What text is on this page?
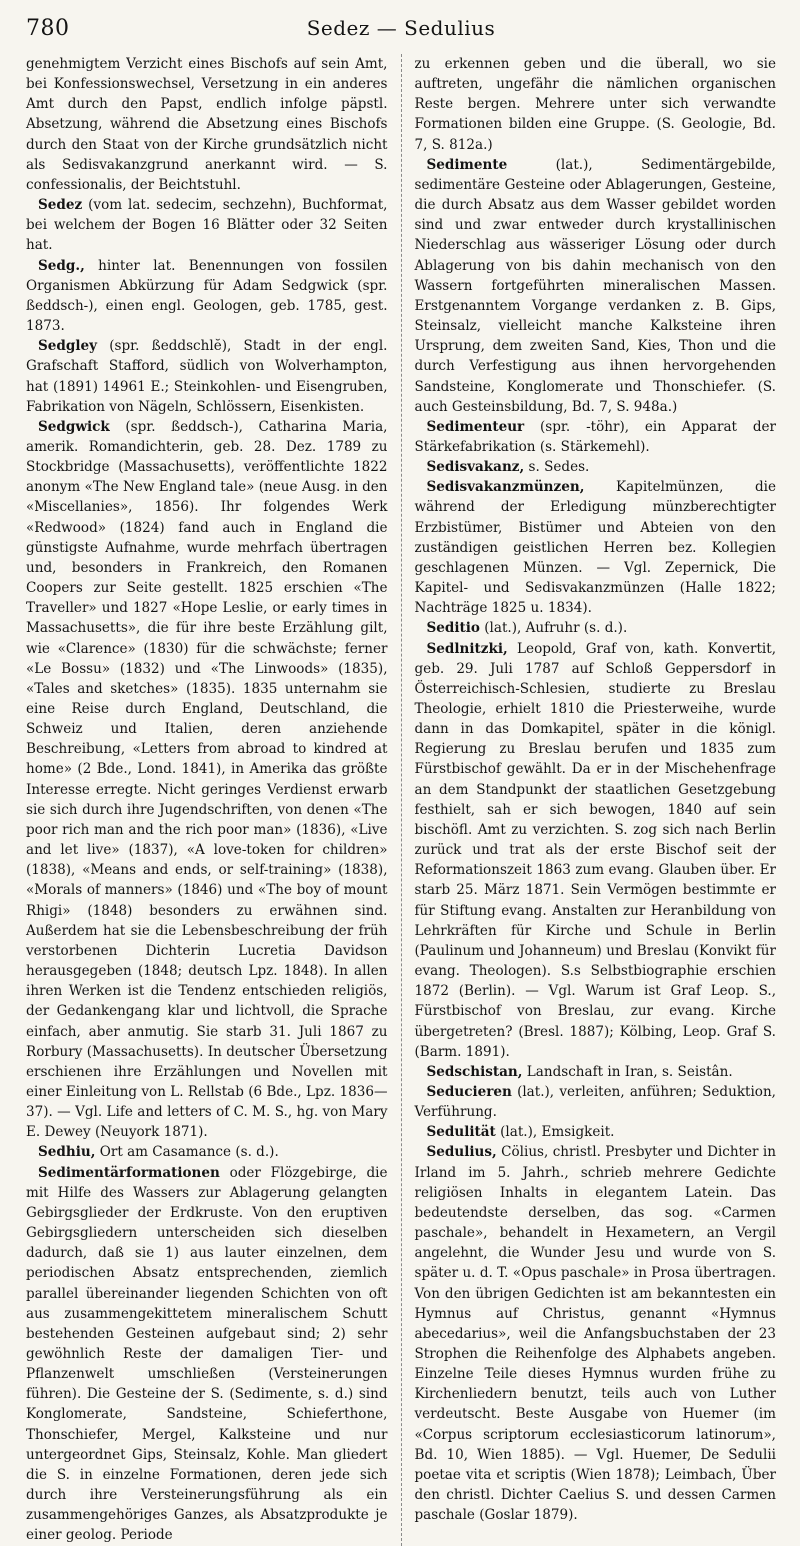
780	Sedez — Sedulius

genehmigtem Verzicht eines Bischofs auf sein Amt, bei Konfessionswechsel, Versetzung in ein anderes Amt durch den Papst, endlich infolge päpstl. Absetzung, während die Absetzung eines Bischofs durch den Staat von der Kirche grundsätzlich nicht als Sedisvakanzgrund anerkannt wird. — S. confessionalis, der Beichtstuhl.

Sedez (vom lat. sedecim, sechzehn), Buchformat, bei welchem der Bogen 16 Blätter oder 32 Seiten hat.

Sedg., hinter lat. Benennungen von fossilen Organismen Abkürzung für Adam Sedgwick (spr. ßeddsch-), einen engl. Geologen, geb. 1785, gest. 1873.

Sedgley (spr. ßeddschlĕ), Stadt in der engl. Grafschaft Stafford, südlich von Wolverhampton, hat (1891) 14961 E.; Steinkohlen- und Eisengruben, Fabrikation von Nägeln, Schlössern, Eisenkisten.

Sedgwick (spr. ßeddsch-), Catharina Maria, amerik. Romandichterin, geb. 28. Dez. 1789 zu Stockbridge (Massachusetts), veröffentlichte 1822 anonym «The New England tale» (neue Ausg. in den «Miscellanies», 1856). Ihr folgendes Werk «Redwood» (1824) fand auch in England die günstigste Aufnahme, wurde mehrfach übertragen und, besonders in Frankreich, den Romanen Coopers zur Seite gestellt. 1825 erschien «The Traveller» und 1827 «Hope Leslie, or early times in Massachusetts», die für ihre beste Erzählung gilt, wie «Clarence» (1830) für die schwächste; ferner «Le Bossu» (1832) und «The Linwoods» (1835), «Tales and sketches» (1835). 1835 unternahm sie eine Reise durch England, Deutschland, die Schweiz und Italien, deren anziehende Beschreibung, «Letters from abroad to kindred at home» (2 Bde., Lond. 1841), in Amerika das größte Interesse erregte. Nicht geringes Verdienst erwarb sie sich durch ihre Jugendschriften, von denen «The poor rich man and the rich poor man» (1836), «Live and let live» (1837), «A love-token for children» (1838), «Means and ends, or self-training» (1838), «Morals of manners» (1846) und «The boy of mount Rhigi» (1848) besonders zu erwähnen sind. Außerdem hat sie die Lebensbeschreibung der früh verstorbenen Dichterin Lucretia Davidson herausgegeben (1848; deutsch Lpz. 1848). In allen ihren Werken ist die Tendenz entschieden religiös, der Gedankengang klar und lichtvoll, die Sprache einfach, aber anmutig. Sie starb 31. Juli 1867 zu Rorbury (Massachusetts). In deutscher Übersetzung erschienen ihre Erzählungen und Novellen mit einer Einleitung von L. Rellstab (6 Bde., Lpz. 1836—37). — Vgl. Life and letters of C. M. S., hg. von Mary E. Dewey (Neuyork 1871).

Sedhiu, Ort am Casamance (s. d.).

Sedimentärformationen oder Flözgebirge, die mit Hilfe des Wassers zur Ablagerung gelangten Gebirgsglieder der Erdkruste. Von den eruptiven Gebirgsgliedern unterscheiden sich dieselben dadurch, daß sie 1) aus lauter einzelnen, dem periodischen Absatz entsprechenden, ziemlich parallel übereinander liegenden Schichten von oft aus zusammengekittetem mineralischem Schutt bestehenden Gesteinen aufgebaut sind; 2) sehr gewöhnlich Reste der damaligen Tier- und Pflanzenwelt umschließen (Versteinerungen führen). Die Gesteine der S. (Sedimente, s. d.) sind Konglomerate, Sandsteine, Schieferthone, Thonschiefer, Mergel, Kalksteine und nur untergeordnet Gips, Steinsalz, Kohle. Man gliedert die S. in einzelne Formationen, deren jede sich durch ihre Versteinerungsführung als ein zusammengehöriges Ganzes, als Absatzprodukte je einer geolog. Periode

zu erkennen geben und die überall, wo sie auftreten, ungefähr die nämlichen organischen Reste bergen. Mehrere unter sich verwandte Formationen bilden eine Gruppe. (S. Geologie, Bd. 7, S. 812a.)

Sedimente (lat.), Sedimentärgebilde, sedimentäre Gesteine oder Ablagerungen, Gesteine, die durch Absatz aus dem Wasser gebildet worden sind und zwar entweder durch krystallinischen Niederschlag aus wässeriger Lösung oder durch Ablagerung von bis dahin mechanisch von den Wassern fortgeführten mineralischen Massen. Erstgenanntem Vorgange verdanken z. B. Gips, Steinsalz, vielleicht manche Kalksteine ihren Ursprung, dem zweiten Sand, Kies, Thon und die durch Verfestigung aus ihnen hervorgehenden Sandsteine, Konglomerate und Thonschiefer. (S. auch Gesteinsbildung, Bd. 7, S. 948a.)

Sedimenteur (spr. -töhr), ein Apparat der Stärkefabrikation (s. Stärkemehl).

Sedisvakanz, s. Sedes.

Sedisvakanzmünzen, Kapitelmünzen, die während der Erledigung münzberechtigter Erzbistümer, Bistümer und Abteien von den zuständigen geistlichen Herren bez. Kollegien geschlagenen Münzen. — Vgl. Zepernick, Die Kapitel- und Sedisvakanzmünzen (Halle 1822; Nachträge 1825 u. 1834).

Seditio (lat.), Aufruhr (s. d.).

Sedlnitzki, Leopold, Graf von, kath. Konvertit, geb. 29. Juli 1787 auf Schloß Geppersdorf in Österreichisch-Schlesien, studierte zu Breslau Theologie, erhielt 1810 die Priesterweihe, wurde dann in das Domkapitel, später in die königl. Regierung zu Breslau berufen und 1835 zum Fürstbischof gewählt. Da er in der Mischehenfrage an dem Standpunkt der staatlichen Gesetzgebung festhielt, sah er sich bewogen, 1840 auf sein bischöfl. Amt zu verzichten. S. zog sich nach Berlin zurück und trat als der erste Bischof seit der Reformationszeit 1863 zum evang. Glauben über. Er starb 25. März 1871. Sein Vermögen bestimmte er für Stiftung evang. Anstalten zur Heranbildung von Lehrkräften für Kirche und Schule in Berlin (Paulinum und Johanneum) und Breslau (Konvikt für evang. Theologen). S.s Selbstbiographie erschien 1872 (Berlin). — Vgl. Warum ist Graf Leop. S., Fürstbischof von Breslau, zur evang. Kirche übergetreten? (Bresl. 1887); Kölbing, Leop. Graf S. (Barm. 1891).

Sedschistan, Landschaft in Iran, s. Seistân.

Seducieren (lat.), verleiten, anführen; Seduktion, Verführung.

Sedulität (lat.), Emsigkeit.

Sedulius, Cölius, christl. Presbyter und Dichter in Irland im 5. Jahrh., schrieb mehrere Gedichte religiösen Inhalts in elegantem Latein. Das bedeutendste derselben, das sog. «Carmen paschale», behandelt in Hexametern, an Vergil angelehnt, die Wunder Jesu und wurde von S. später u. d. T. «Opus paschale» in Prosa übertragen. Von den übrigen Gedichten ist am bekanntesten ein Hymnus auf Christus, genannt «Hymnus abecedarius», weil die Anfangsbuchstaben der 23 Strophen die Reihenfolge des Alphabets angeben. Einzelne Teile dieses Hymnus wurden frühe zu Kirchenliedern benutzt, teils auch von Luther verdeutscht. Beste Ausgabe von Huemer (im «Corpus scriptorum ecclesiasticorum latinorum», Bd. 10, Wien 1885). — Vgl. Huemer, De Sedulii poetae vita et scriptis (Wien 1878); Leimbach, Über den christl. Dichter Caelius S. und dessen Carmen paschale (Goslar 1879).
